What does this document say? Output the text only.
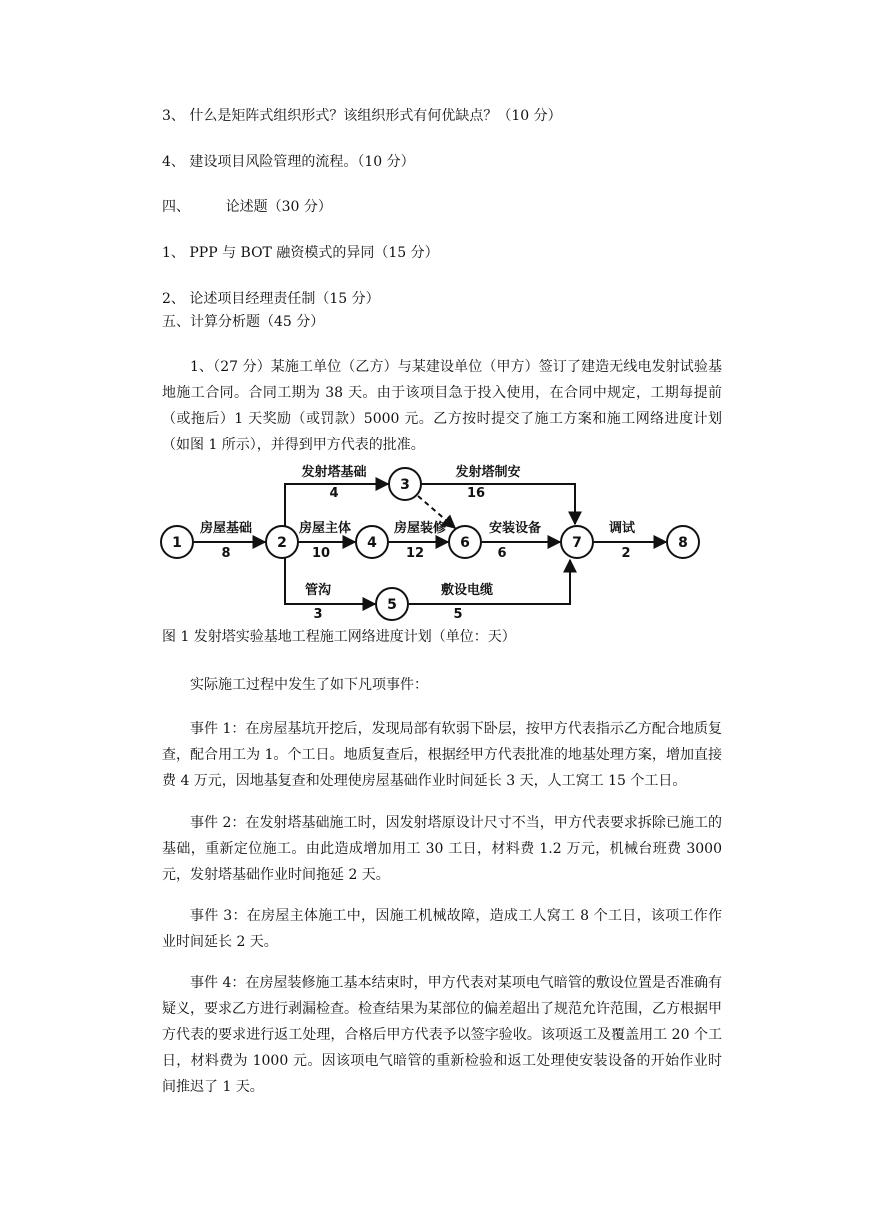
3、 什么是矩阵式组织形式？该组织形式有何优缺点？（10 分）
4、 建设项目风险管理的流程。（10 分）
四、        论述题（30 分）
1、 PPP 与 BOT 融资模式的异同（15 分）
2、 论述项目经理责任制（15 分）
五、计算分析题（45 分）
1、（27 分）某施工单位（乙方）与某建设单位（甲方）签订了建造无线电发射试验基地施工合同。合同工期为 38 天。由于该项目急于投入使用，在合同中规定，工期每提前（或拖后）1 天奖励（或罚款）5000 元。乙方按时提交了施工方案和施工网络进度计划（如图 1 所示），并得到甲方代表的批准。
1	2
3
4
5
6	7	8
房屋基础
8
发射塔基础
4
发射塔制安
16
房屋主体
10
房屋装修
12
安装设备
6
调试
2
管沟
3
敷设电缆
5
图 1 发射塔实验基地工程施工网络进度计划（单位：天）
实际施工过程中发生了如下凡项事件：
事件 1：在房屋基坑开挖后，发现局部有软弱下卧层，按甲方代表指示乙方配合地质复查，配合用工为 1。个工日。地质复查后，根据经甲方代表批准的地基处理方案，增加直接费 4 万元，因地基复查和处理使房屋基础作业时间延长 3 天，人工窝工 15 个工日。
事件 2：在发射塔基础施工时，因发射塔原设计尺寸不当，甲方代表要求拆除已施工的基础，重新定位施工。由此造成增加用工 30 工日，材料费 1.2 万元，机械台班费 3000 元，发射塔基础作业时间拖延 2 天。
事件 3：在房屋主体施工中，因施工机械故障，造成工人窝工 8 个工日，该项工作作业时间延长 2 天。
事件 4：在房屋装修施工基本结束时，甲方代表对某项电气暗管的敷设位置是否准确有疑义，要求乙方进行剥漏检查。检查结果为某部位的偏差超出了规范允许范围，乙方根据甲方代表的要求进行返工处理，合格后甲方代表予以签字验收。该项返工及覆盖用工 20 个工日，材料费为 1000 元。因该项电气暗管的重新检验和返工处理使安装设备的开始作业时间推迟了 1 天。
